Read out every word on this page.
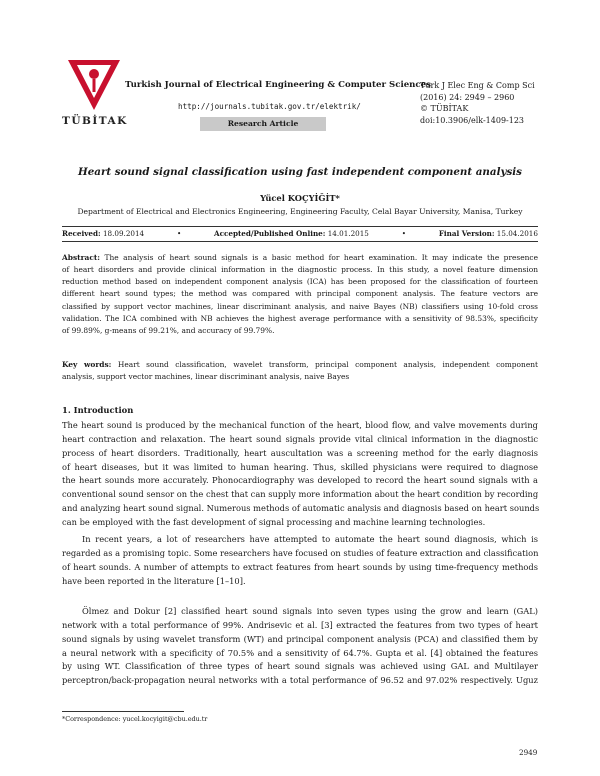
TÜBİTAK
Turkish Journal of Electrical Engineering & Computer Sciences
http://journals.tubitak.gov.tr/elektrik/
Research Article
Turk J Elec Eng & Comp Sci
(2016) 24: 2949 – 2960
© TÜBİTAK
doi:10.3906/elk-1409-123
Heart sound signal classification using fast independent component analysis
Yücel KOÇYİĞİT*
Department of Electrical and Electronics Engineering, Engineering Faculty, Celal Bayar University, Manisa, Turkey
Received: 18.09.2014	•	Accepted/Published Online: 14.01.2015	•	Final Version: 15.04.2016
Abstract: The analysis of heart sound signals is a basic method for heart examination. It may indicate the presence
of heart disorders and provide clinical information in the diagnostic process. In this study, a novel feature dimension
reduction method based on independent component analysis (ICA) has been proposed for the classification of fourteen
different heart sound types; the method was compared with principal component analysis. The feature vectors are
classified by support vector machines, linear discriminant analysis, and naive Bayes (NB) classifiers using 10-fold cross
validation. The ICA combined with NB achieves the highest average performance with a sensitivity of 98.53%, specificity
of 99.89%, g-means of 99.21%, and accuracy of 99.79%.
Key words: Heart sound classification, wavelet transform, principal component analysis, independent component
analysis, support vector machines, linear discriminant analysis, naive Bayes
1. Introduction
The heart sound is produced by the mechanical function of the heart, blood flow, and valve movements during
heart contraction and relaxation. The heart sound signals provide vital clinical information in the diagnostic
process of heart disorders. Traditionally, heart auscultation was a screening method for the early diagnosis
of heart diseases, but it was limited to human hearing. Thus, skilled physicians were required to diagnose
the heart sounds more accurately. Phonocardiography was developed to record the heart sound signals with a
conventional sound sensor on the chest that can supply more information about the heart condition by recording
and analyzing heart sound signal. Numerous methods of automatic analysis and diagnosis based on heart sounds
can be employed with the fast development of signal processing and machine learning technologies.
In recent years, a lot of researchers have attempted to automate the heart sound diagnosis, which is
regarded as a promising topic. Some researchers have focused on studies of feature extraction and classification
of heart sounds. A number of attempts to extract features from heart sounds by using time-frequency methods
have been reported in the literature [1–10].
Ölmez and Dokur [2] classified heart sound signals into seven types using the grow and learn (GAL)
network with a total performance of 99%. Andrisevic et al. [3] extracted the features from two types of heart
sound signals by using wavelet transform (WT) and principal component analysis (PCA) and classified them by
a neural network with a specificity of 70.5% and a sensitivity of 64.7%. Gupta et al. [4] obtained the features
by using WT. Classification of three types of heart sound signals was achieved using GAL and Multilayer
perceptron/back-propagation neural networks with a total performance of 96.52 and 97.02% respectively. Uguz
*Correspondence: yucel.kocyigit@cbu.edu.tr
2949
